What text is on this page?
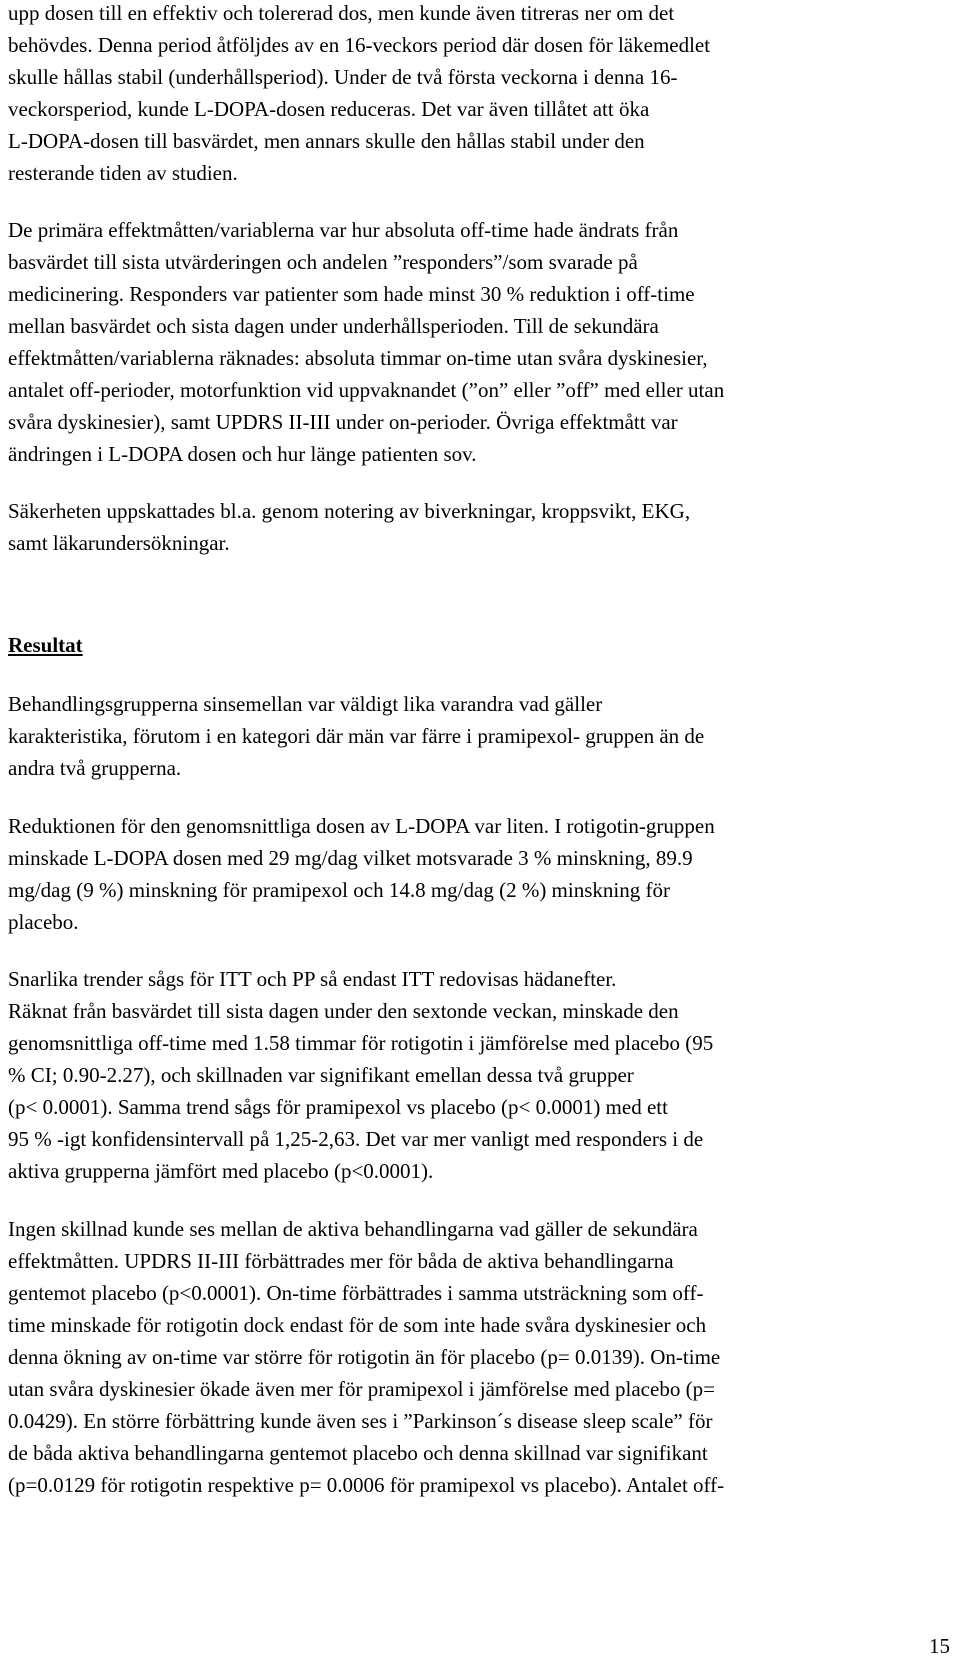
upp dosen till en effektiv och tolererad dos, men kunde även titreras ner om det
behövdes. Denna period åtföljdes av en 16-veckors period där dosen för läkemedlet
skulle hållas stabil (underhållsperiod). Under de två första veckorna i denna 16-
veckorsperiod, kunde L-DOPA-dosen reduceras. Det var även tillåtet att öka
L-DOPA-dosen till basvärdet, men annars skulle den hållas stabil under den
resterande tiden av studien.
De primära effektmåtten/variablerna var hur absoluta off-time hade ändrats från
basvärdet till sista utvärderingen och andelen ”responders”/som svarade på
medicinering. Responders var patienter som hade minst 30 % reduktion i off-time
mellan basvärdet och sista dagen under underhållsperioden. Till de sekundära
effektmåtten/variablerna räknades: absoluta timmar on-time utan svåra dyskinesier,
antalet off-perioder, motorfunktion vid uppvaknandet (”on” eller ”off” med eller utan
svåra dyskinesier), samt UPDRS II-III under on-perioder. Övriga effektmått var
ändringen i L-DOPA dosen och hur länge patienten sov.
Säkerheten uppskattades bl.a. genom notering av biverkningar, kroppsvikt, EKG,
samt läkarundersökningar.
Resultat
Behandlingsgrupperna sinsemellan var väldigt lika varandra vad gäller
karakteristika, förutom i en kategori där män var färre i pramipexol- gruppen än de
andra två grupperna.
Reduktionen för den genomsnittliga dosen av L-DOPA var liten. I rotigotin-gruppen
minskade L-DOPA dosen med 29 mg/dag vilket motsvarade 3 % minskning, 89.9
mg/dag (9 %) minskning för pramipexol och 14.8 mg/dag (2 %) minskning för
placebo.
Snarlika trender sågs för ITT och PP så endast ITT redovisas hädanefter.
Räknat från basvärdet till sista dagen under den sextonde veckan, minskade den
genomsnittliga off-time med 1.58 timmar för rotigotin i jämförelse med placebo (95
% CI; 0.90-2.27), och skillnaden var signifikant emellan dessa två grupper
(p< 0.0001). Samma trend sågs för pramipexol vs placebo (p< 0.0001) med ett
95 % -igt konfidensintervall på 1,25-2,63. Det var mer vanligt med responders i de
aktiva grupperna jämfört med placebo (p<0.0001).
Ingen skillnad kunde ses mellan de aktiva behandlingarna vad gäller de sekundära
effektmåtten. UPDRS II-III förbättrades mer för båda de aktiva behandlingarna
gentemot placebo (p<0.0001). On-time förbättrades i samma utsträckning som off-
time minskade för rotigotin dock endast för de som inte hade svåra dyskinesier och
denna ökning av on-time var större för rotigotin än för placebo (p= 0.0139). On-time
utan svåra dyskinesier ökade även mer för pramipexol i jämförelse med placebo (p=
0.0429). En större förbättring kunde även ses i ”Parkinson´s disease sleep scale” för
de båda aktiva behandlingarna gentemot placebo och denna skillnad var signifikant
(p=0.0129 för rotigotin respektive p= 0.0006 för pramipexol vs placebo). Antalet off-
15
